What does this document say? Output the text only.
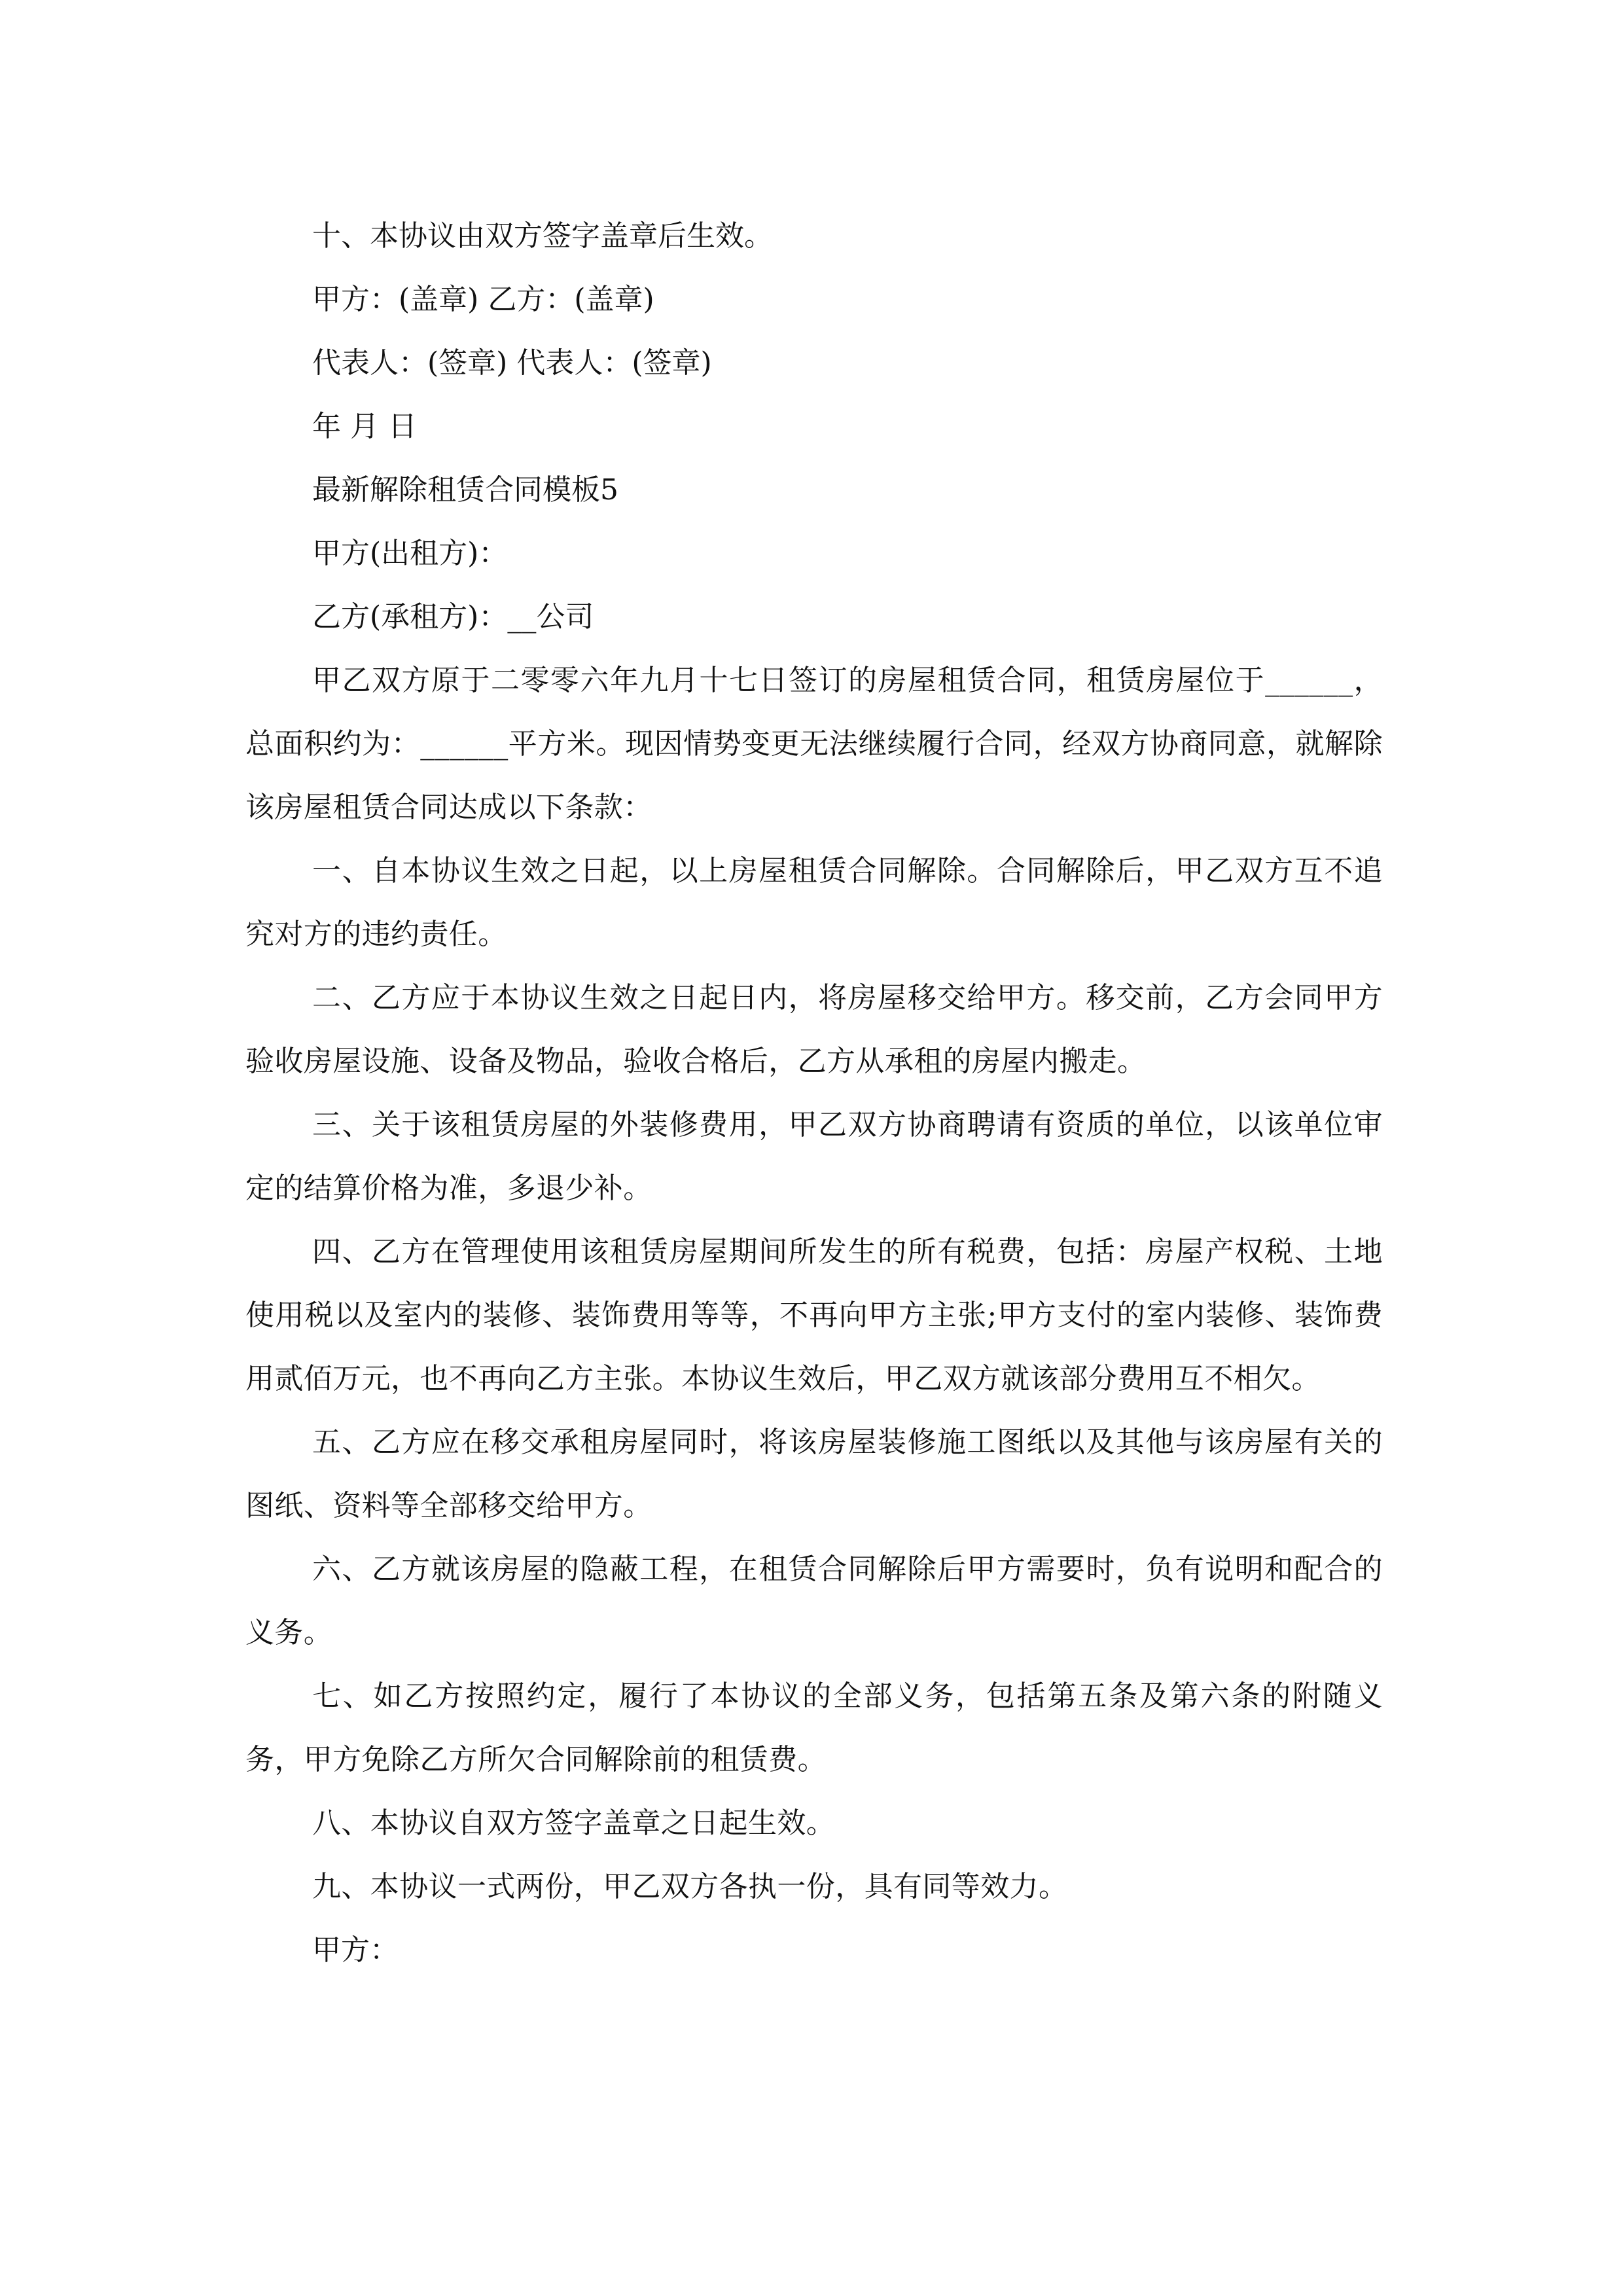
十、本协议由双方签字盖章后生效。
甲方：(盖章) 乙方：(盖章)
代表人：(签章) 代表人：(签章)
年 月 日
最新解除租赁合同模板5
甲方(出租方)：
乙方(承租方)：__公司
甲乙双方原于二零零六年九月十七日签订的房屋租赁合同，租赁房屋位于______，总面积约为：______平方米。现因情势变更无法继续履行合同，经双方协商同意，就解除该房屋租赁合同达成以下条款：
一、自本协议生效之日起，以上房屋租赁合同解除。合同解除后，甲乙双方互不追究对方的违约责任。
二、乙方应于本协议生效之日起日内，将房屋移交给甲方。移交前，乙方会同甲方验收房屋设施、设备及物品，验收合格后，乙方从承租的房屋内搬走。
三、关于该租赁房屋的外装修费用，甲乙双方协商聘请有资质的单位，以该单位审定的结算价格为准，多退少补。
四、乙方在管理使用该租赁房屋期间所发生的所有税费，包括：房屋产权税、土地使用税以及室内的装修、装饰费用等等，不再向甲方主张;甲方支付的室内装修、装饰费用贰佰万元，也不再向乙方主张。本协议生效后，甲乙双方就该部分费用互不相欠。
五、乙方应在移交承租房屋同时，将该房屋装修施工图纸以及其他与该房屋有关的图纸、资料等全部移交给甲方。
六、乙方就该房屋的隐蔽工程，在租赁合同解除后甲方需要时，负有说明和配合的义务。
七、如乙方按照约定，履行了本协议的全部义务，包括第五条及第六条的附随义务，甲方免除乙方所欠合同解除前的租赁费。
八、本协议自双方签字盖章之日起生效。
九、本协议一式两份，甲乙双方各执一份，具有同等效力。
甲方：
